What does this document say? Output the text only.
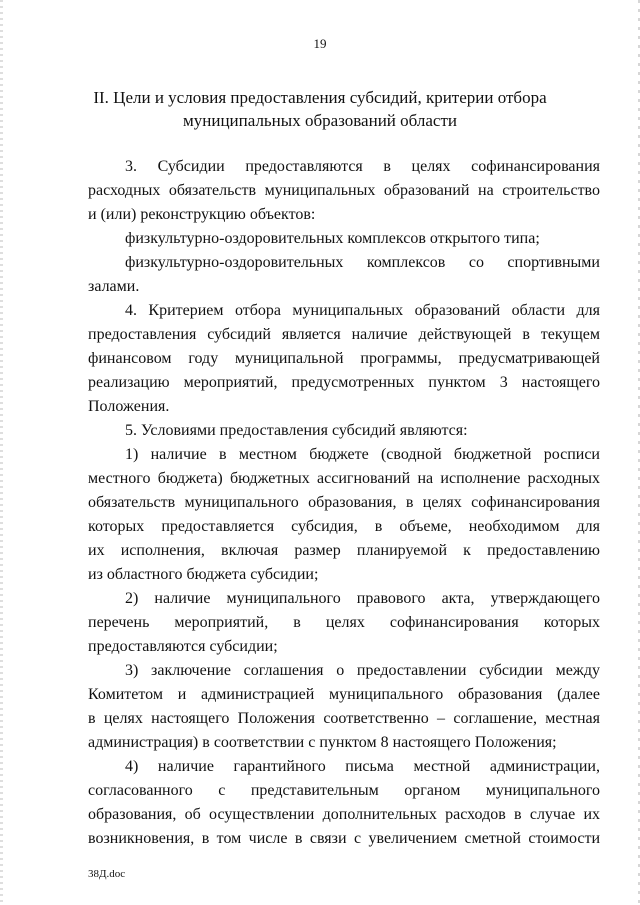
19
II. Цели и условия предоставления субсидий, критерии отбора
муниципальных образований области
3. Субсидии предоставляются в целях софинансирования
расходных обязательств муниципальных образований на строительство
и (или) реконструкцию объектов:
физкультурно-оздоровительных комплексов открытого типа;
физкультурно-оздоровительных комплексов со спортивными
залами.
4. Критерием отбора муниципальных образований области для
предоставления субсидий является наличие действующей в текущем
финансовом году муниципальной программы, предусматривающей
реализацию мероприятий, предусмотренных пунктом 3 настоящего
Положения.
5. Условиями предоставления субсидий являются:
1) наличие в местном бюджете (сводной бюджетной росписи
местного бюджета) бюджетных ассигнований на исполнение расходных
обязательств муниципального образования, в целях софинансирования
которых предоставляется субсидия, в объеме, необходимом для
их исполнения, включая размер планируемой к предоставлению
из областного бюджета субсидии;
2) наличие муниципального правового акта, утверждающего
перечень мероприятий, в целях софинансирования которых
предоставляются субсидии;
3) заключение соглашения о предоставлении субсидии между
Комитетом и администрацией муниципального образования (далее
в целях настоящего Положения соответственно – соглашение, местная
администрация) в соответствии с пунктом 8 настоящего Положения;
4) наличие гарантийного письма местной администрации,
согласованного с представительным органом муниципального
образования, об осуществлении дополнительных расходов в случае их
возникновения, в том числе в связи с увеличением сметной стоимости
38Д.doc
